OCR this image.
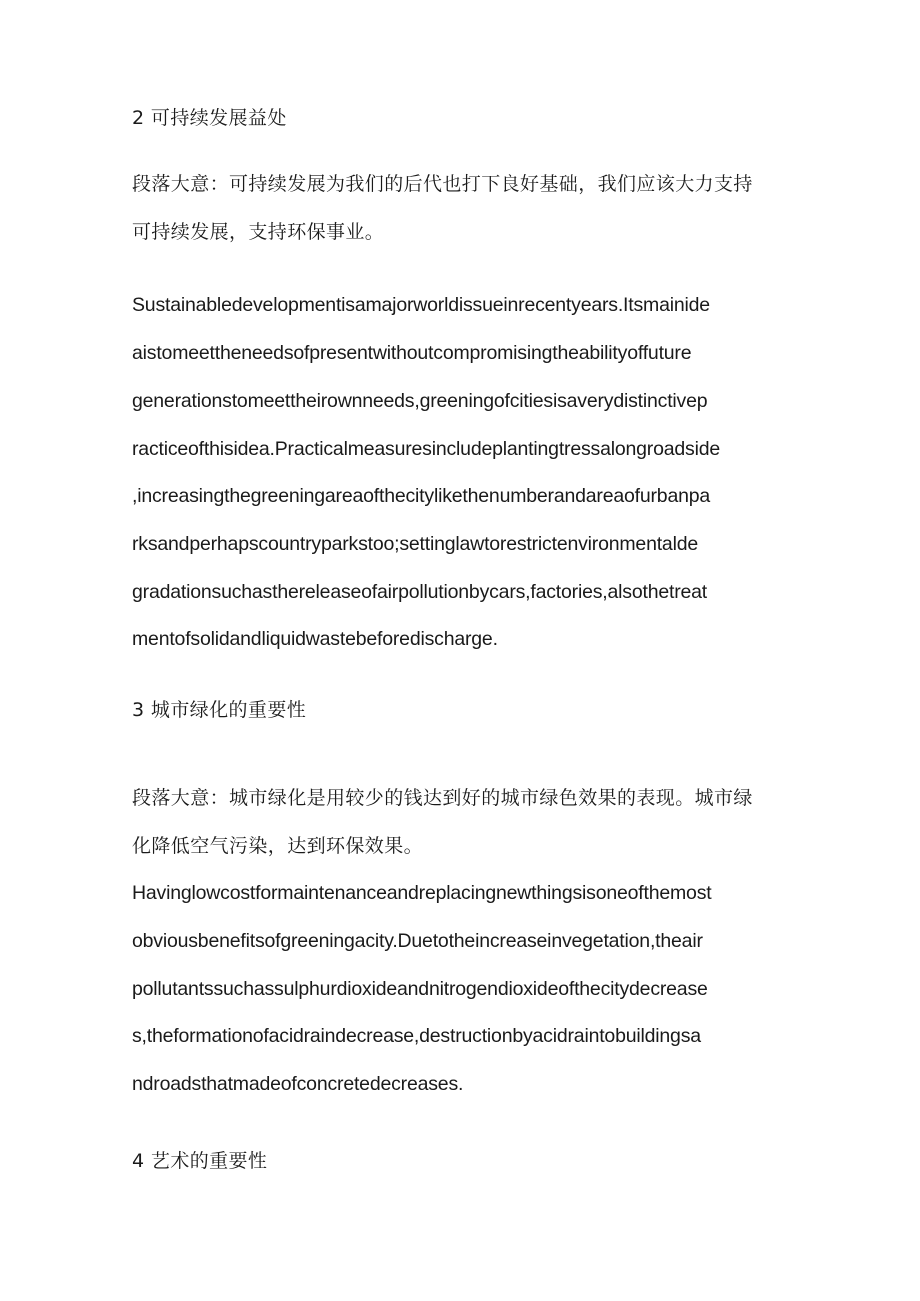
2 可持续发展益处
段落大意：可持续发展为我们的后代也打下良好基础，我们应该大力支持
可持续发展，支持环保事业。
Sustainabledevelopmentisamajorworldissueinrecentyears.Itsmainide
aistomeettheneedsofpresentwithoutcompromisingtheabilityoffuture
generationstomeettheirownneeds,greeningofcitiesisaverydistinctivep
racticeofthisidea.Practicalmeasuresincludeplantingtressalongroadside
,increasingthegreeningareaofthecitylikethenumberandareaofurbanpa
rksandperhapscountryparkstoo;settinglawtorestrictenvironmentalde
gradationsuchasthereleaseofairpollutionbycars,factories,alsothetreat
mentofsolidandliquidwastebeforedischarge.
3 城市绿化的重要性
段落大意：城市绿化是用较少的钱达到好的城市绿色效果的表现。城市绿
化降低空气污染，达到环保效果。
Havinglowcostformaintenanceandreplacingnewthingsisoneofthemost
obviousbenefitsofgreeningacity.Duetotheincreaseinvegetation,theair
pollutantssuchassulphurdioxideandnitrogendioxideofthecitydecrease
s,theformationofacidraindecrease,destructionbyacidraintobuildingsa
ndroadsthatmadeofconcretedecreases.
4 艺术的重要性
